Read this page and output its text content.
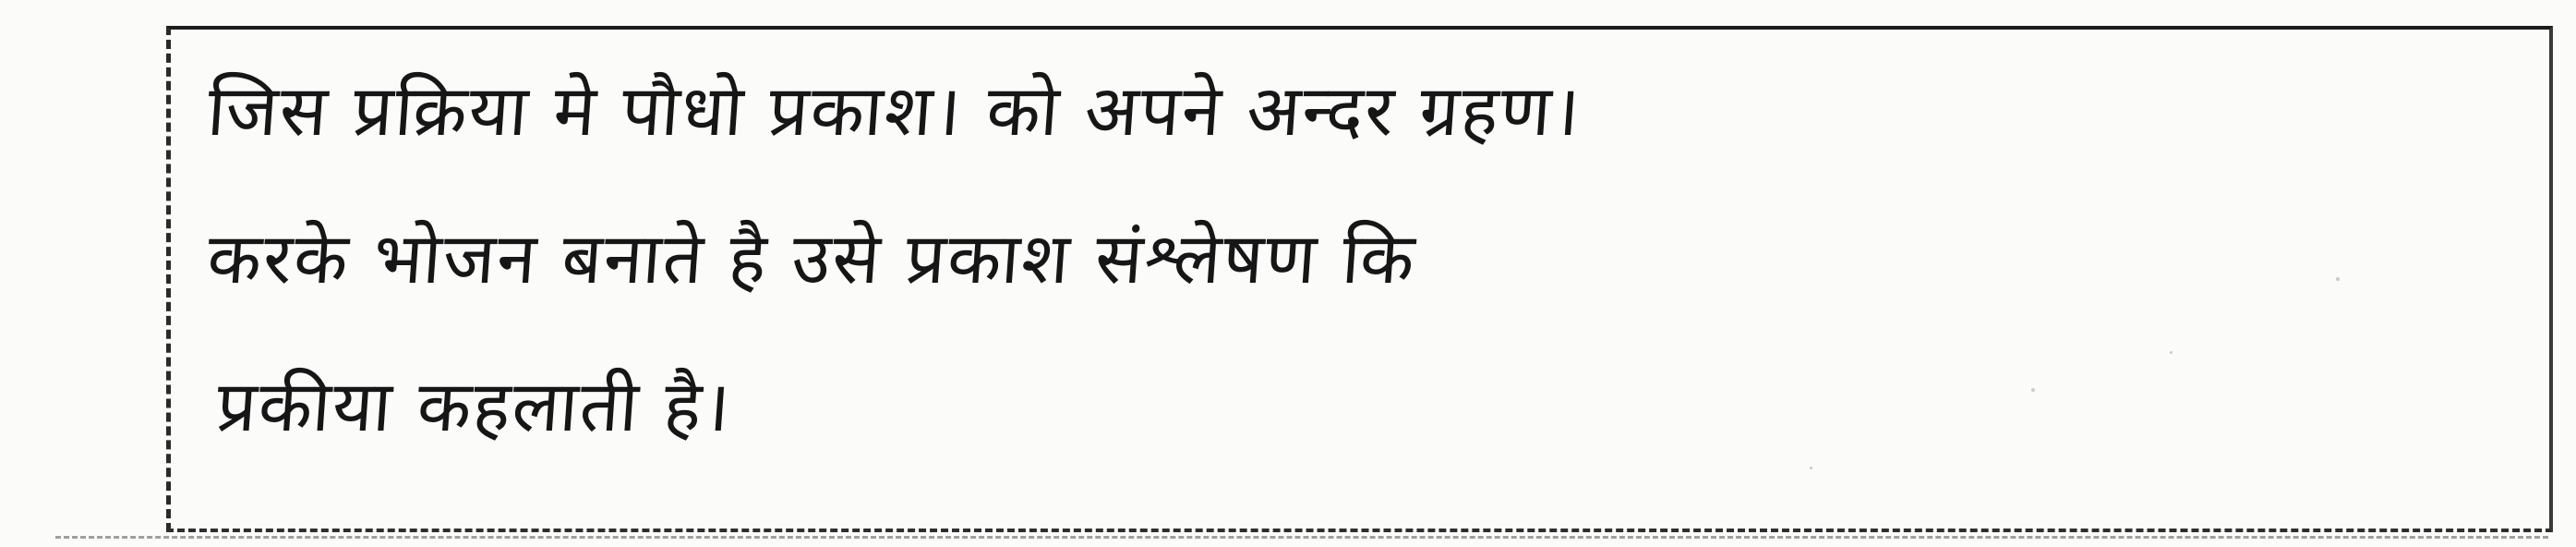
जिस प्रक्रिया मे पौधो प्रकाश। को अपने अन्दर ग्रहण।
करके भोजन बनाते है उसे प्रकाश संश्लेषण कि
प्रकीया कहलाती है।
